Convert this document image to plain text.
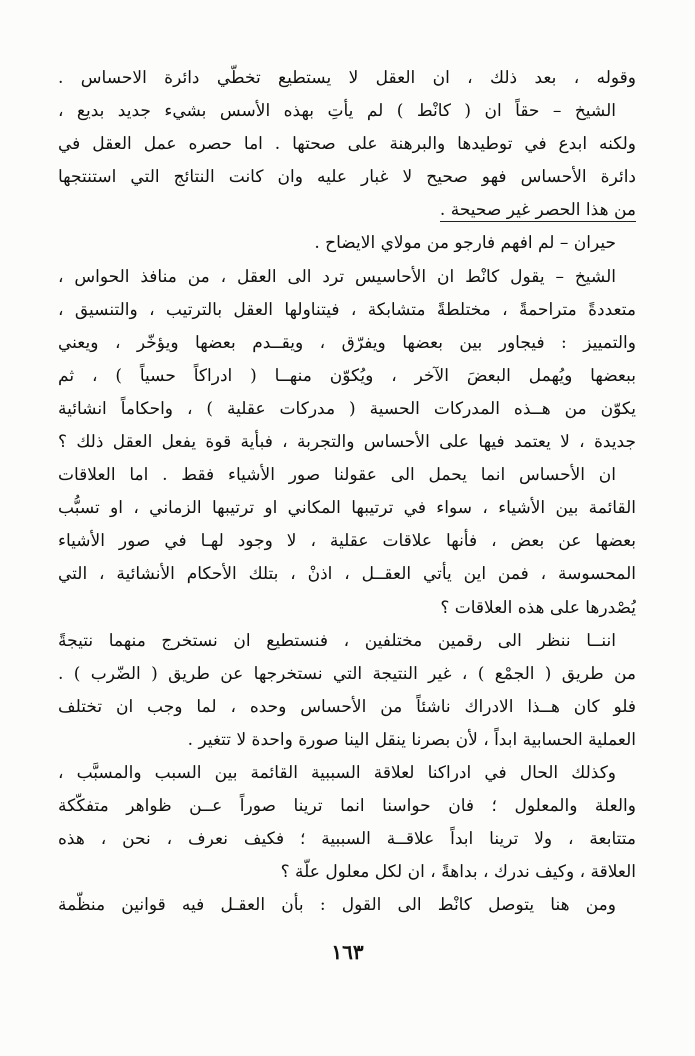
وقوله ، بعد ذلك ، ان العقل لا يستطيع تخطّي دائرة الاحساس .
الشيخ – حقاً ان ( كانْط ) لم يأتِ بهذه الأسس بشيء جديد بديع ،
ولكنه ابدع في توطيدها والبرهنة على صحتها . اما حصره عمل العقل في
دائرة الأحساس فهو صحيح لا غبار عليه وان كانت النتائج التي استنتجها
من هذا الحصر غير صحيحة .
حيران – لم افهم فارجو من مولاي الايضاح .
الشيخ – يقول كانْط ان الأحاسيس ترد الى العقل ، من منافذ الحواس ،
متعددةً متراحمةً ، مختلطةً متشابكة ، فيتناولها العقل بالترتيب ، والتنسيق ،
والتمييز : فيجاور بين بعضها ويفرّق ، ويقــدم بعضها ويؤخّر ، ويعني
ببعضها ويُهمل البعضَ الآخر ، ويُكوّن منهــا ( ادراكاً حسياً ) ، ثم
يكوّن من هــذه المدركات الحسية ( مدركات عقلية ) ، واحكاماً انشائية
جديدة ، لا يعتمد فيها على الأحساس والتجربة ، فبأية قوة يفعل العقل ذلك ؟
ان الأحساس انما يحمل الى عقولنا صور الأشياء فقط . اما العلاقات
القائمة بين الأشياء ، سواء في ترتيبها المكاني او ترتيبها الزماني ، او تسبُّب
بعضها عن بعض ، فأنها علاقات عقلية ، لا وجود لهـا في صور الأشياء
المحسوسة ، فمن اين يأتي العقــل ، اذنْ ، بتلك الأحكام الأنشائية ، التي
يُصْدرها على هذه العلاقات ؟
اننــا ننظر الى رقمين مختلفين ، فنستطيع ان نستخرج منهما نتيجةً
من طريق ( الجمْع ) ، غير النتيجة التي نستخرجها عن طريق ( الضّرب ) .
فلو كان هــذا الادراك ناشئاً من الأحساس وحده ، لما وجب ان تختلف
العملية الحسابية ابداً ، لأن بصرنا ينقل الينا صورة واحدة لا تتغير .
وكذلك الحال في ادراكنا لعلاقة السببية القائمة بين السبب والمسبَّب ،
والعلة والمعلول ؛ فان حواسنا انما ترينا صوراً عــن ظواهر متفكّكة
متتابعة ، ولا ترينا ابداً علاقــة السببية ؛ فكيف نعرف ، نحن ، هذه
العلاقة ، وكيف ندرك ، بداهةً ، ان لكل معلول علّة ؟
ومن هنا يتوصل كانْط الى القول : بأن العقـل فيه قوانين منظّمة
١٦٣
